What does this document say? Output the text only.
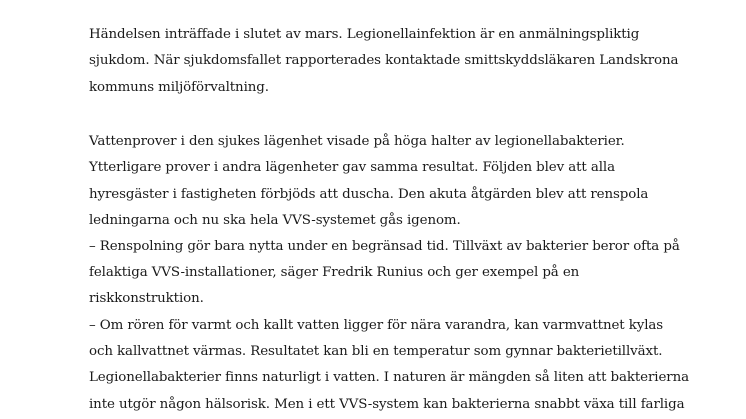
Händelsen inträffade i slutet av mars. Legionellainfektion är en anmälningspliktig
sjukdom. När sjukdomsfallet rapporterades kontaktade smittskyddsläkaren Landskrona
kommuns miljöförvaltning.
Vattenprover i den sjukes lägenhet visade på höga halter av legionellabakterier.
Ytterligare prover i andra lägenheter gav samma resultat. Följden blev att alla
hyresgäster i fastigheten förbjöds att duscha. Den akuta åtgärden blev att renspola
ledningarna och nu ska hela VVS-systemet gås igenom.
– Renspolning gör bara nytta under en begränsad tid. Tillväxt av bakterier beror ofta på
felaktiga VVS-installationer, säger Fredrik Runius och ger exempel på en
riskkonstruktion.
– Om rören för varmt och kallt vatten ligger för nära varandra, kan varmvattnet kylas
och kallvattnet värmas. Resultatet kan bli en temperatur som gynnar bakterietillväxt.
Legionellabakterier finns naturligt i vatten. I naturen är mängden så liten att bakterierna
inte utgör någon hälsorisk. Men i ett VVS-system kan bakterierna snabbt växa till farliga
